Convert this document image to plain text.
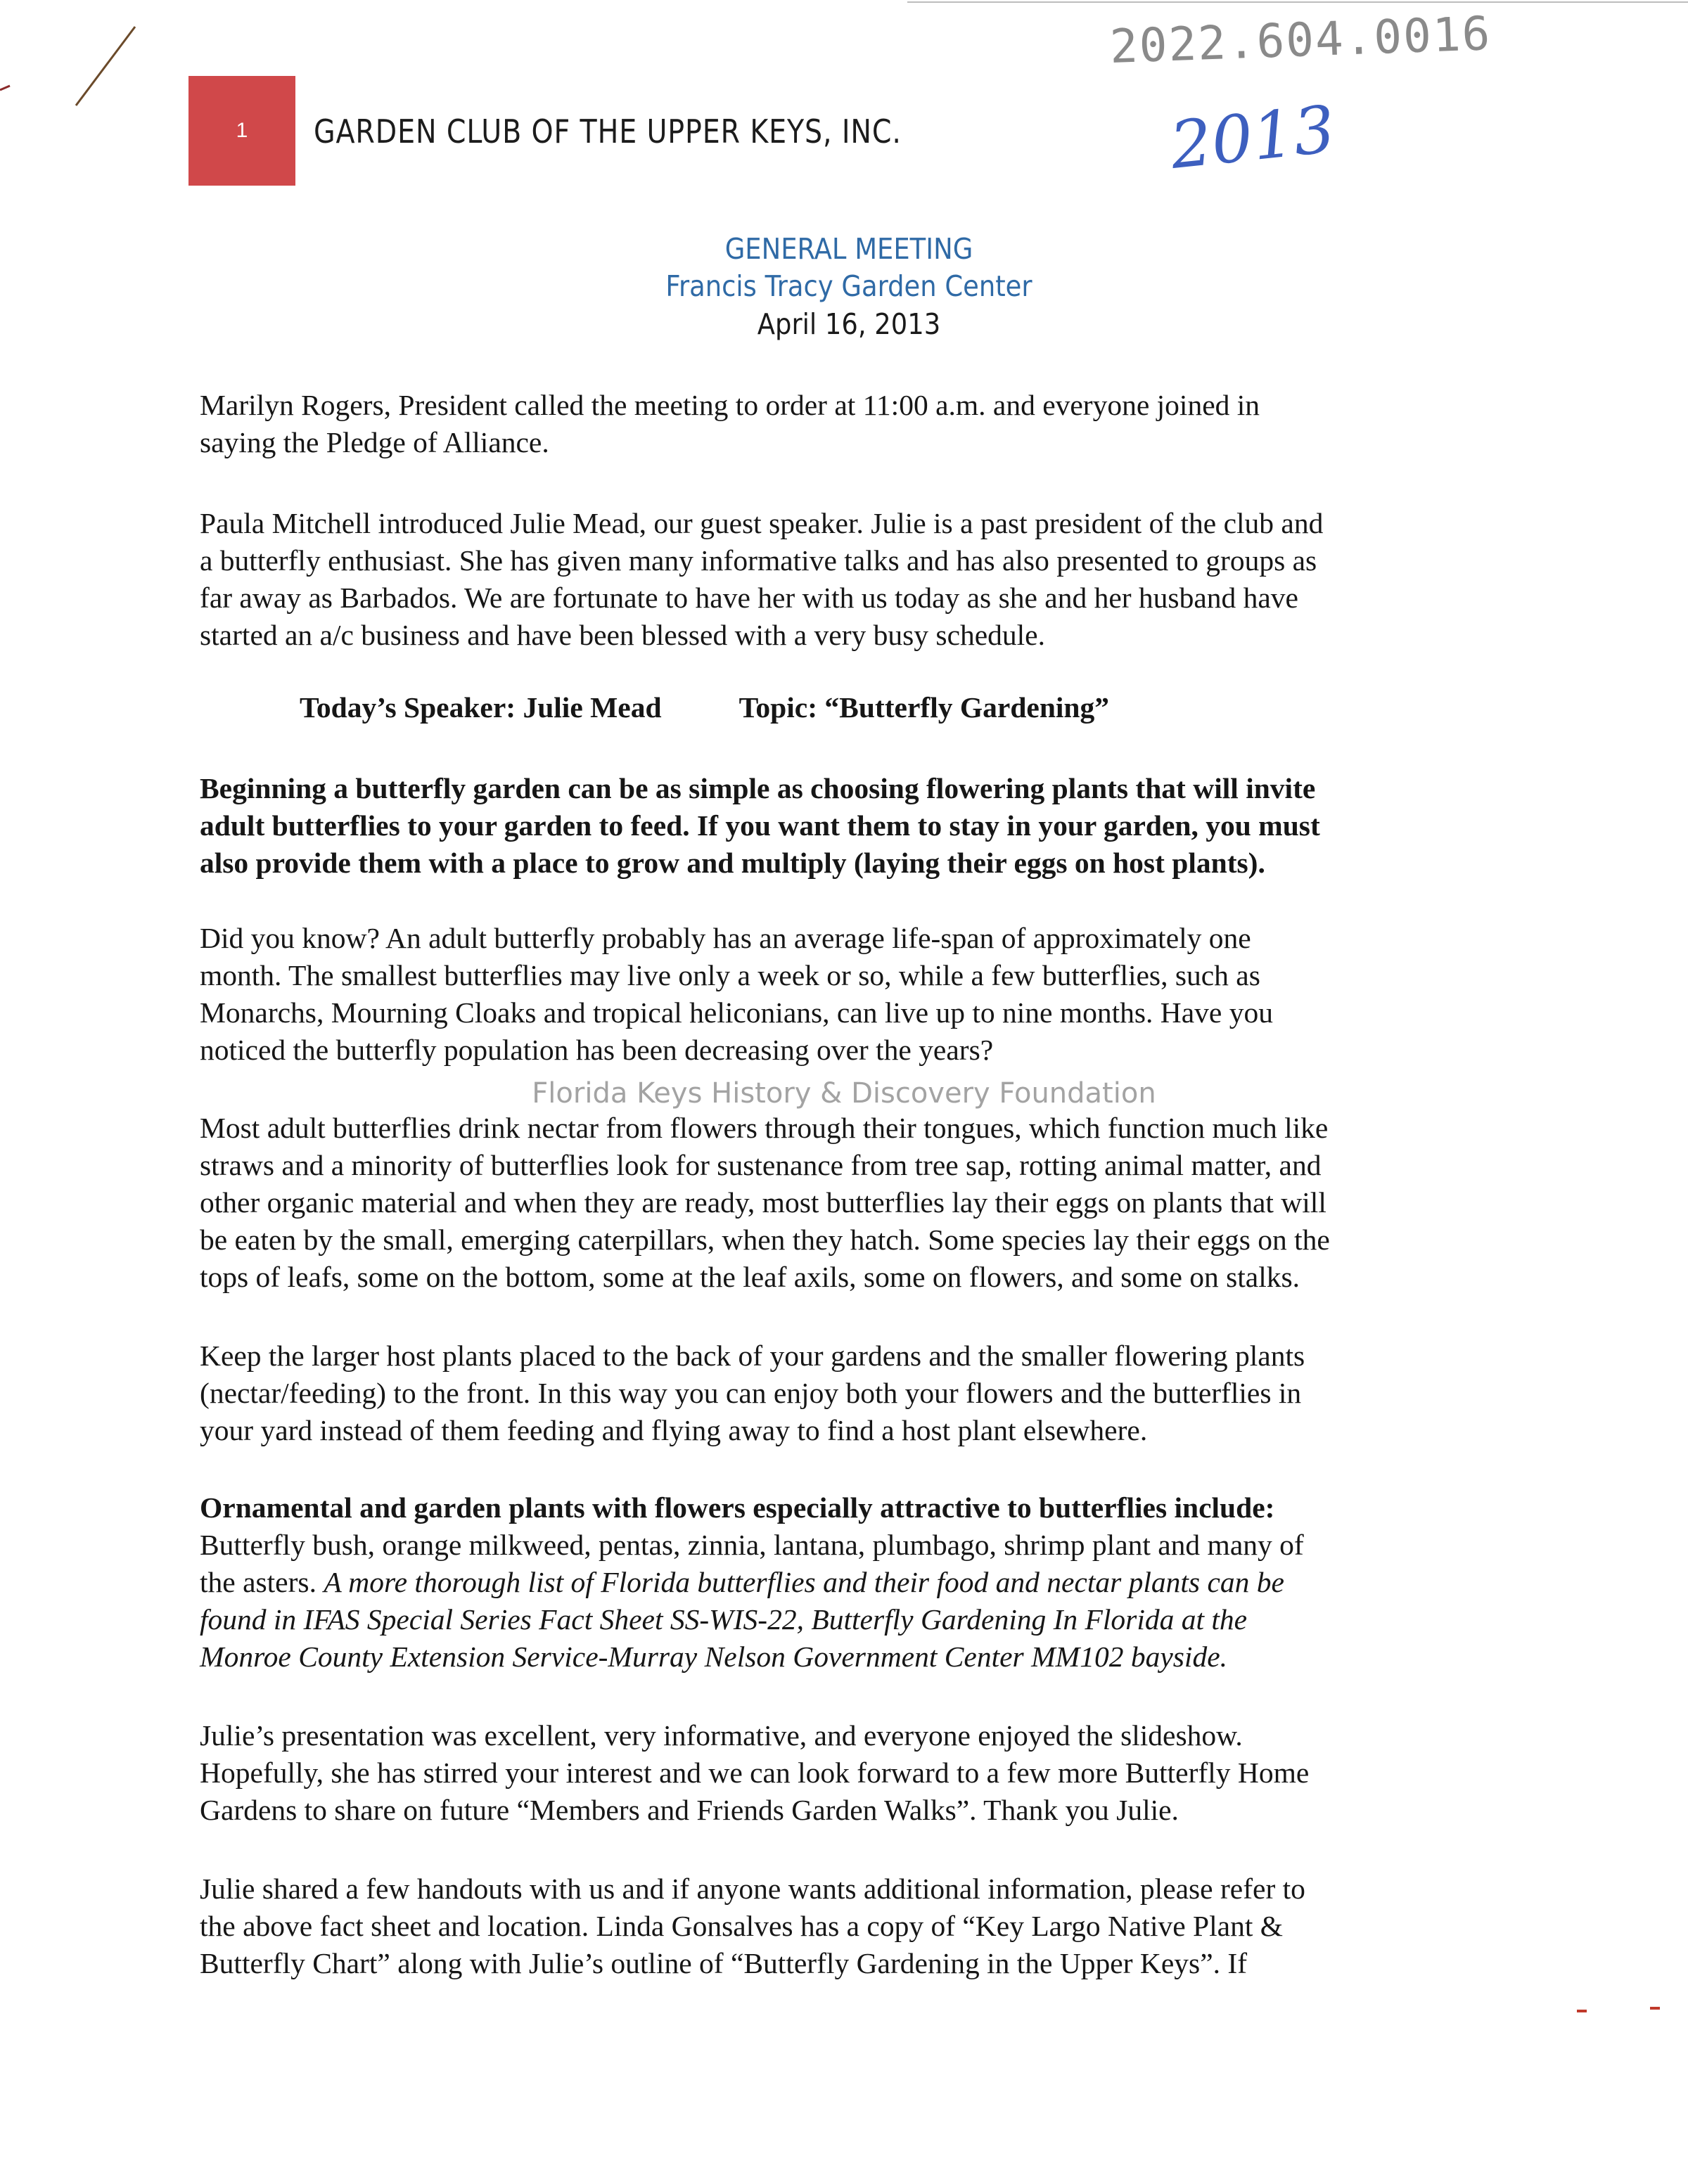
1	GARDEN CLUB OF THE UPPER KEYS, INC.
2022.604.0016
2013
GENERAL MEETING
Francis Tracy Garden Center
April 16, 2013
Marilyn Rogers, President called the meeting to order at 11:00 a.m. and everyone joined in
saying the Pledge of Alliance.
Paula Mitchell introduced Julie Mead, our guest speaker. Julie is a past president of the club and
a butterfly enthusiast. She has given many informative talks and has also presented to groups as
far away as Barbados. We are fortunate to have her with us today as she and her husband have
started an a/c business and have been blessed with a very busy schedule.
Today’s Speaker: Julie Mead	Topic: “Butterfly Gardening”
Beginning a butterfly garden can be as simple as choosing flowering plants that will invite
adult butterflies to your garden to feed. If you want them to stay in your garden, you must
also provide them with a place to grow and multiply (laying their eggs on host plants).
Did you know? An adult butterfly probably has an average life-span of approximately one
month. The smallest butterflies may live only a week or so, while a few butterflies, such as
Monarchs, Mourning Cloaks and tropical heliconians, can live up to nine months. Have you
noticed the butterfly population has been decreasing over the years?
Florida Keys History & Discovery Foundation
Most adult butterflies drink nectar from flowers through their tongues, which function much like
straws and a minority of butterflies look for sustenance from tree sap, rotting animal matter, and
other organic material and when they are ready, most butterflies lay their eggs on plants that will
be eaten by the small, emerging caterpillars, when they hatch. Some species lay their eggs on the
tops of leafs, some on the bottom, some at the leaf axils, some on flowers, and some on stalks.
Keep the larger host plants placed to the back of your gardens and the smaller flowering plants
(nectar/feeding) to the front. In this way you can enjoy both your flowers and the butterflies in
your yard instead of them feeding and flying away to find a host plant elsewhere.
Ornamental and garden plants with flowers especially attractive to butterflies include:
Butterfly bush, orange milkweed, pentas, zinnia, lantana, plumbago, shrimp plant and many of
the asters. A more thorough list of Florida butterflies and their food and nectar plants can be
found in IFAS Special Series Fact Sheet SS-WIS-22, Butterfly Gardening In Florida at the
Monroe County Extension Service-Murray Nelson Government Center MM102 bayside.
Julie’s presentation was excellent, very informative, and everyone enjoyed the slideshow.
Hopefully, she has stirred your interest and we can look forward to a few more Butterfly Home
Gardens to share on future “Members and Friends Garden Walks”. Thank you Julie.
Julie shared a few handouts with us and if anyone wants additional information, please refer to
the above fact sheet and location. Linda Gonsalves has a copy of “Key Largo Native Plant &
Butterfly Chart” along with Julie’s outline of “Butterfly Gardening in the Upper Keys”. If
